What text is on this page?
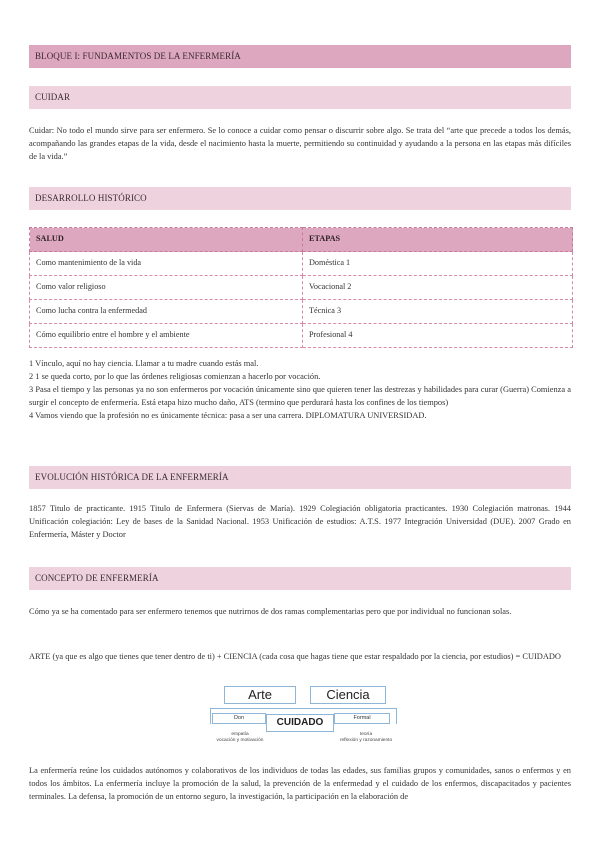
BLOQUE I: FUNDAMENTOS DE LA ENFERMERÍA
CUIDAR

Cuidar: No todo el mundo sirve para ser enfermero. Se lo conoce a cuidar como pensar o discurrir sobre algo. Se trata del “arte que precede a todos los demás, acompañando las grandes etapas de la vida, desde el nacimiento hasta la muerte, permitiendo su continuidad y ayudando a la persona en las etapas más difíciles de la vida.”

DESARROLLO HISTÓRICO
SALUD	ETAPAS
Como mantenimiento de la vida	Doméstica 1
Como valor religioso	Vocacional 2
Como lucha contra la enfermedad	Técnica 3
Cómo equilibrio entre el hombre y el ambiente	Profesional 4

1 Vínculo, aquí no hay ciencia. Llamar a tu madre cuando estás mal.

2 1 se queda corto, por lo que las órdenes religiosas comienzan a hacerlo por vocación.

3 Pasa el tiempo y las personas ya no son enfermeros por vocación únicamente sino que quieren tener las destrezas y habilidades para curar (Guerra) Comienza a surgir el concepto de enfermería. Está etapa hizo mucho daño, ATS (termino que perdurará hasta los confines de los tiempos)

4 Vamos viendo que la profesión no es únicamente técnica: pasa a ser una carrera. DIPLOMATURA UNIVERSIDAD.

EVOLUCIÓN HISTÓRICA DE LA ENFERMERÍA

1857 Titulo de practicante. 1915 Titulo de Enfermera (Siervas de María). 1929 Colegiación obligatoria practicantes. 1930 Colegiación matronas. 1944 Unificación colegiación: Ley de bases de la Sanidad Nacional. 1953 Unificación de estudios: A.T.S. 1977 Integración Universidad (DUE). 2007 Grado en Enfermería, Máster y Doctor

CONCEPTO DE ENFERMERÍA

Cómo ya se ha comentado para ser enfermero tenemos que nutrirnos de dos ramas complementarias pero que por individual no funcionan solas.

ARTE (ya que es algo que tienes que tener dentro de ti) + CIENCIA (cada cosa que hagas tiene que estar respaldado por la ciencia, por estudios) = CUIDADO

Arte	Ciencia
Don	Formal
CUIDADO
empatía
vocación y motivación
teoría
reflexión y razonamiento

La enfermería reúne los cuidados autónomos y colaborativos de los individuos de todas las edades, sus familias grupos y comunidades, sanos o enfermos y en todos los ámbitos. La enfermería incluye la promoción de la salud, la prevención de la enfermedad y el cuidado de los enfermos, discapacitados y pacientes terminales. La defensa, la promoción de un entorno seguro, la investigación, la participación en la elaboración de
